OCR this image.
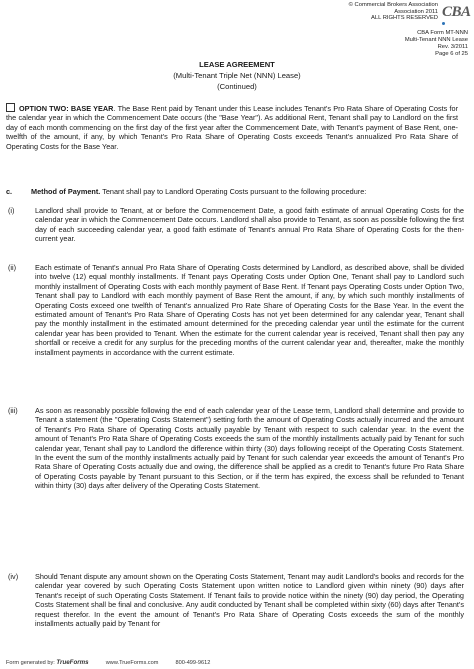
© Commercial Brokers Association
Association 2011
ALL RIGHTS RESERVED CBA
CBA Form MT-NNN
Multi-Tenant NNN Lease
Rev. 3/2011
Page 6 of 25
LEASE AGREEMENT
(Multi-Tenant Triple Net (NNN) Lease)
(Continued)
OPTION TWO: BASE YEAR. The Base Rent paid by Tenant under this Lease includes Tenant's Pro Rata Share of Operating Costs for the calendar year in which the Commencement Date occurs (the "Base Year"). As additional Rent, Tenant shall pay to Landlord on the first day of each month commencing on the first day of the first year after the Commencement Date, with Tenant's payment of Base Rent, one-twelfth of the amount, if any, by which Tenant's Pro Rata Share of Operating Costs exceeds Tenant's annualized Pro Rata Share of Operating Costs for the Base Year.
c.	Method of Payment. Tenant shall pay to Landlord Operating Costs pursuant to the following procedure:
(i)	Landlord shall provide to Tenant, at or before the Commencement Date, a good faith estimate of annual Operating Costs for the calendar year in which the Commencement Date occurs. Landlord shall also provide to Tenant, as soon as possible following the first day of each succeeding calendar year, a good faith estimate of Tenant's annual Pro Rata Share of Operating Costs for the then-current year.
(ii)	Each estimate of Tenant's annual Pro Rata Share of Operating Costs determined by Landlord, as described above, shall be divided into twelve (12) equal monthly installments. If Tenant pays Operating Costs under Option One, Tenant shall pay to Landlord such monthly installment of Operating Costs with each monthly payment of Base Rent. If Tenant pays Operating Costs under Option Two, Tenant shall pay to Landlord with each monthly payment of Base Rent the amount, if any, by which such monthly installments of Operating Costs exceed one twelfth of Tenant's annualized Pro Rate Share of Operating Costs for the Base Year. In the event the estimated amount of Tenant's Pro Rata Share of Operating Costs has not yet been determined for any calendar year, Tenant shall pay the monthly installment in the estimated amount determined for the preceding calendar year until the estimate for the current calendar year has been provided to Tenant. When the estimate for the current calendar year is received, Tenant shall then pay any shortfall or receive a credit for any surplus for the preceding months of the current calendar year and, thereafter, make the monthly installment payments in accordance with the current estimate.
(iii) As soon as reasonably possible following the end of each calendar year of the Lease term, Landlord shall determine and provide to Tenant a statement (the "Operating Costs Statement") setting forth the amount of Operating Costs actually incurred and the amount of Tenant's Pro Rata Share of Operating Costs actually payable by Tenant with respect to such calendar year. In the event the amount of Tenant's Pro Rata Share of Operating Costs exceeds the sum of the monthly installments actually paid by Tenant for such calendar year, Tenant shall pay to Landlord the difference within thirty (30) days following receipt of the Operating Costs Statement. In the event the sum of the monthly installments actually paid by Tenant for such calendar year exceeds the amount of Tenant's Pro Rata Share of Operating Costs actually due and owing, the difference shall be applied as a credit to Tenant's future Pro Rata Share of Operating Costs payable by Tenant pursuant to this Section, or if the term has expired, the excess shall be refunded to Tenant within thirty (30) days after delivery of the Operating Costs Statement.
(iv) Should Tenant dispute any amount shown on the Operating Costs Statement, Tenant may audit Landlord's books and records for the calendar year covered by such Operating Costs Statement upon written notice to Landlord given within ninety (90) days after Tenant's receipt of such Operating Costs Statement. If Tenant fails to provide notice within the ninety (90) day period, the Operating Costs Statement shall be final and conclusive. Any audit conducted by Tenant shall be completed within sixty (60) days after Tenant's request therefor. In the event the amount of Tenant's Pro Rata Share of Operating Costs exceeds the sum of the monthly installments actually paid by Tenant for
Form generated by: TrueForms	www.TrueForms.com	800-499-9612
